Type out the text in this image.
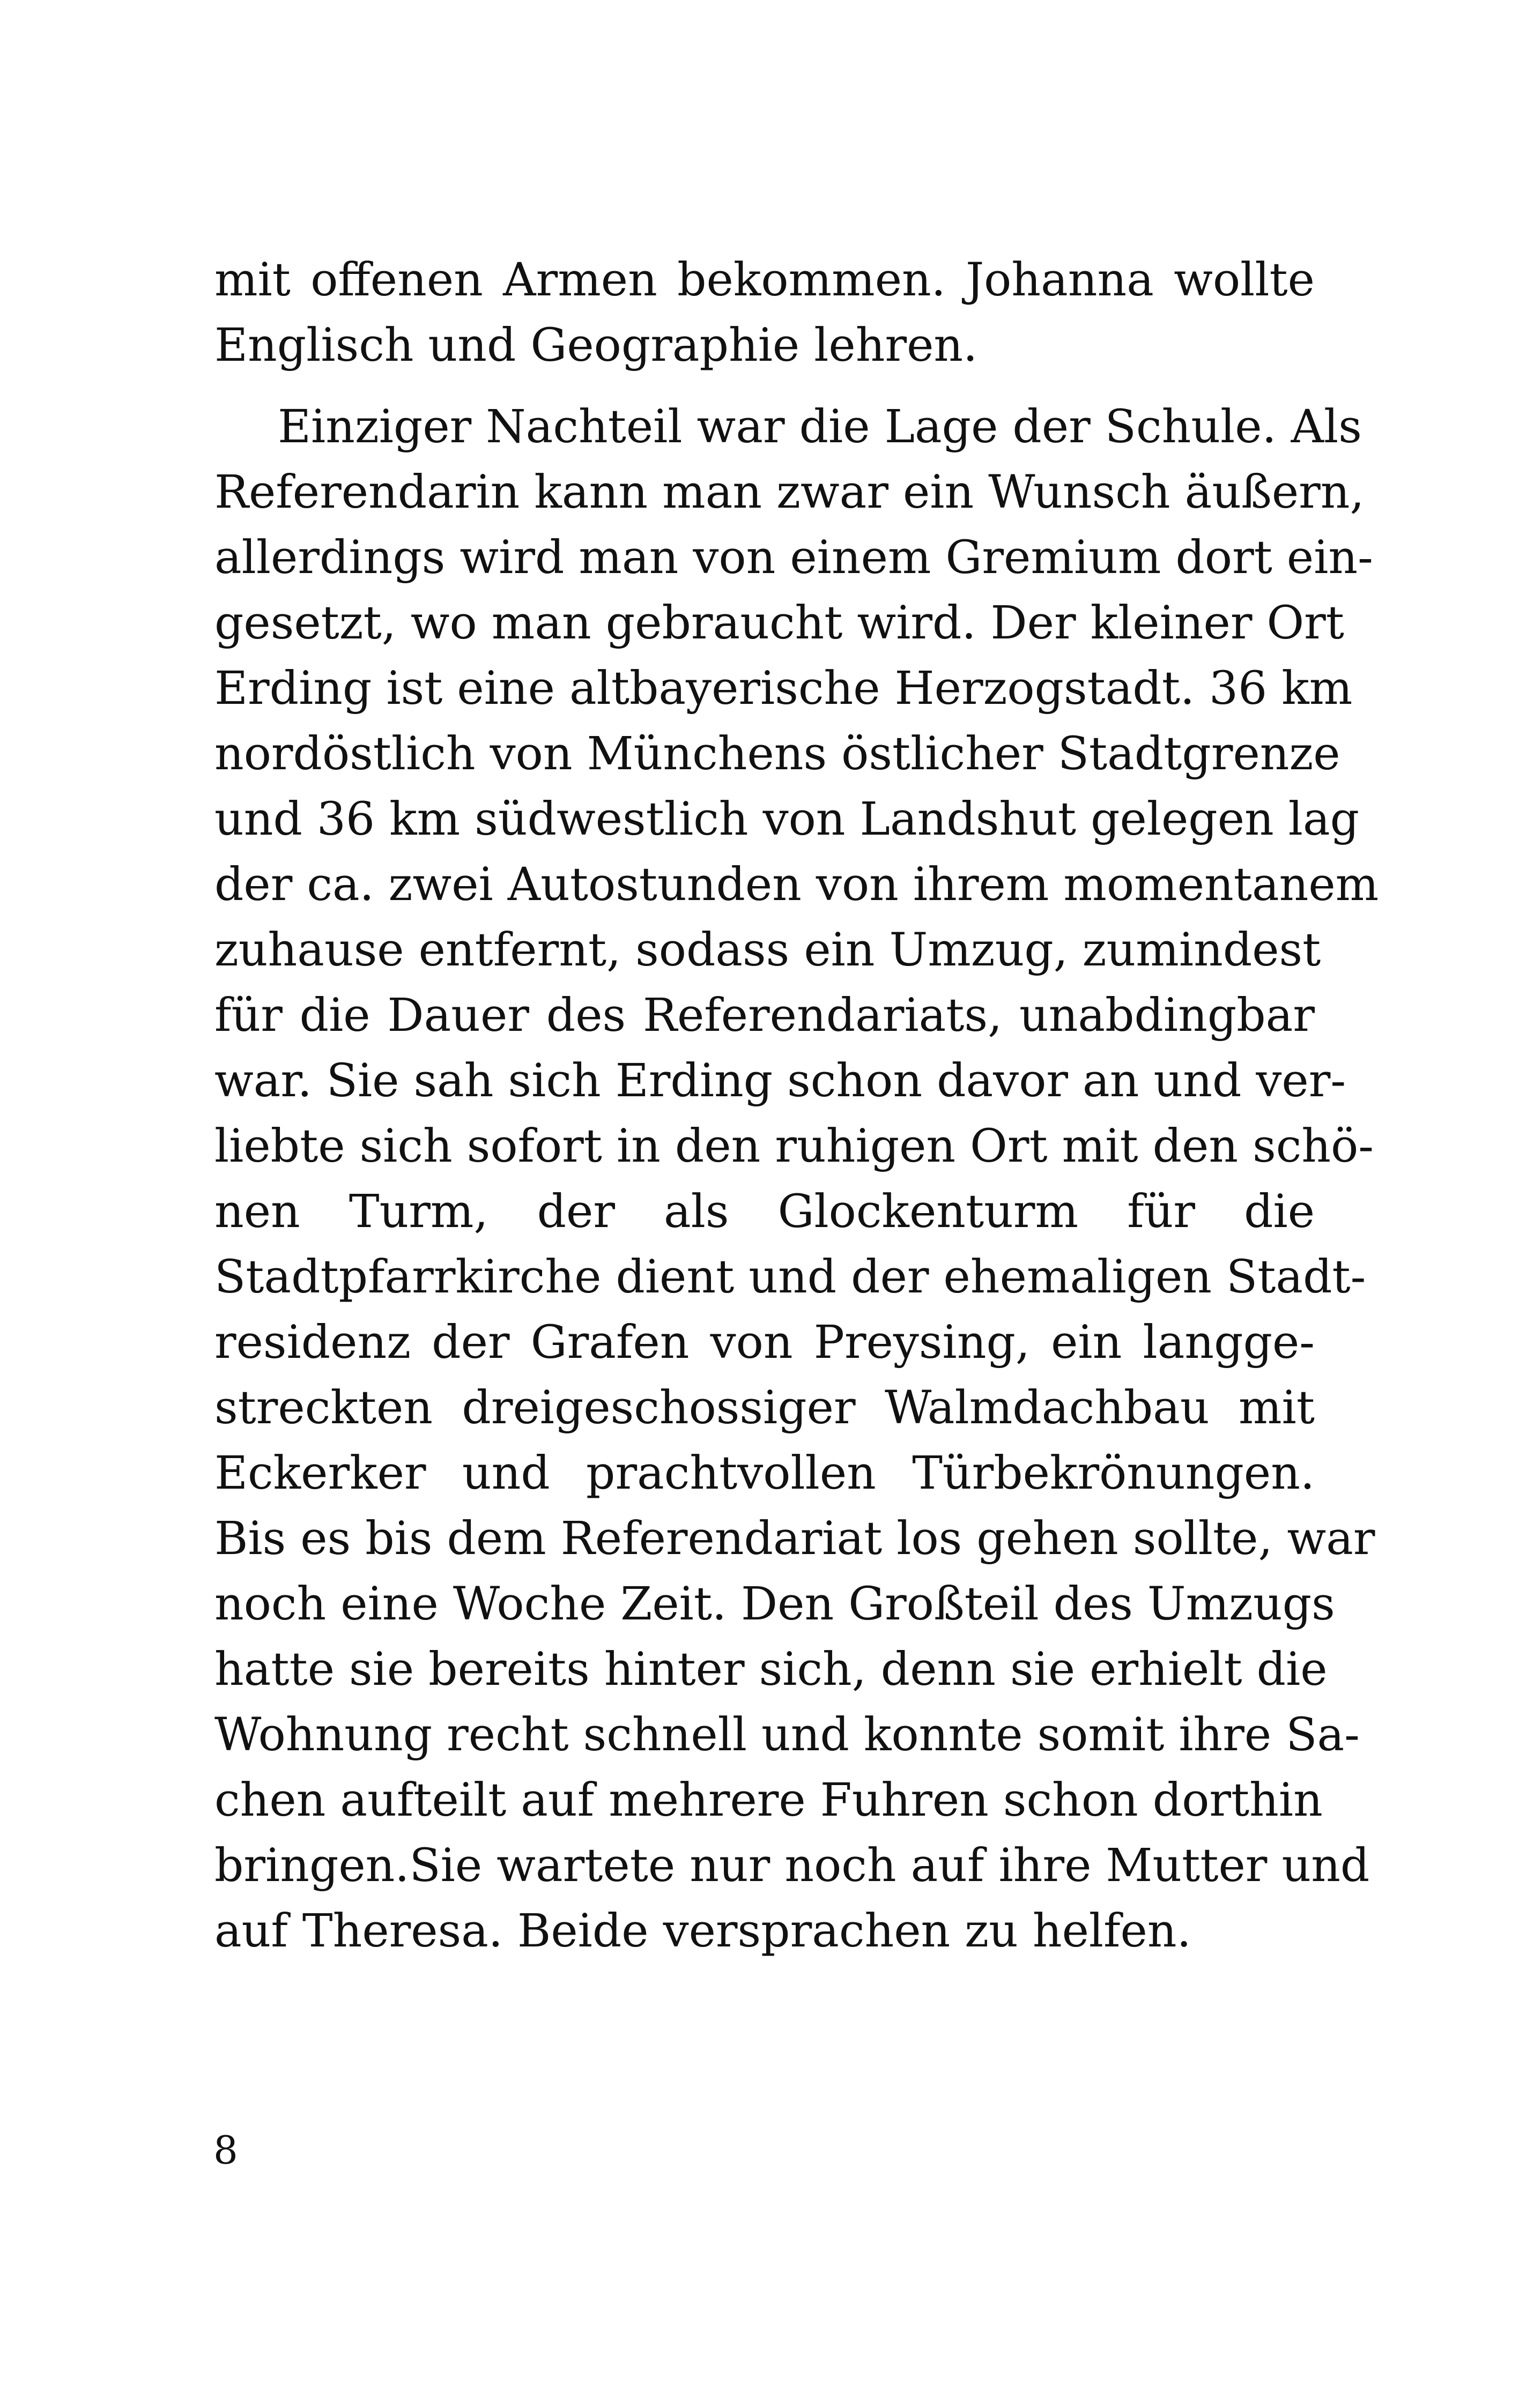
mit offenen Armen bekommen. Johanna wollte
Englisch und Geographie lehren.
Einziger Nachteil war die Lage der Schule. Als
Referendarin kann man zwar ein Wunsch äußern,
allerdings wird man von einem Gremium dort ein-
gesetzt, wo man gebraucht wird. Der kleiner Ort
Erding ist eine altbayerische Herzogstadt. 36 km
nordöstlich von Münchens östlicher Stadtgrenze
und 36 km südwestlich von Landshut gelegen lag
der ca. zwei Autostunden von ihrem momentanem
zuhause entfernt, sodass ein Umzug, zumindest
für die Dauer des Referendariats, unabdingbar
war. Sie sah sich Erding schon davor an und ver-
liebte sich sofort in den ruhigen Ort mit den schö-
nen Turm, der als Glockenturm für die
Stadtpfarrkirche dient und der ehemaligen Stadt-
residenz der Grafen von Preysing, ein langge-
streckten dreigeschossiger Walmdachbau mit
Eckerker und prachtvollen Türbekrönungen.
Bis es bis dem Referendariat los gehen sollte, war
noch eine Woche Zeit. Den Großteil des Umzugs
hatte sie bereits hinter sich, denn sie erhielt die
Wohnung recht schnell und konnte somit ihre Sa-
chen aufteilt auf mehrere Fuhren schon dorthin
bringen.Sie wartete nur noch auf ihre Mutter und
auf Theresa. Beide versprachen zu helfen.
8
